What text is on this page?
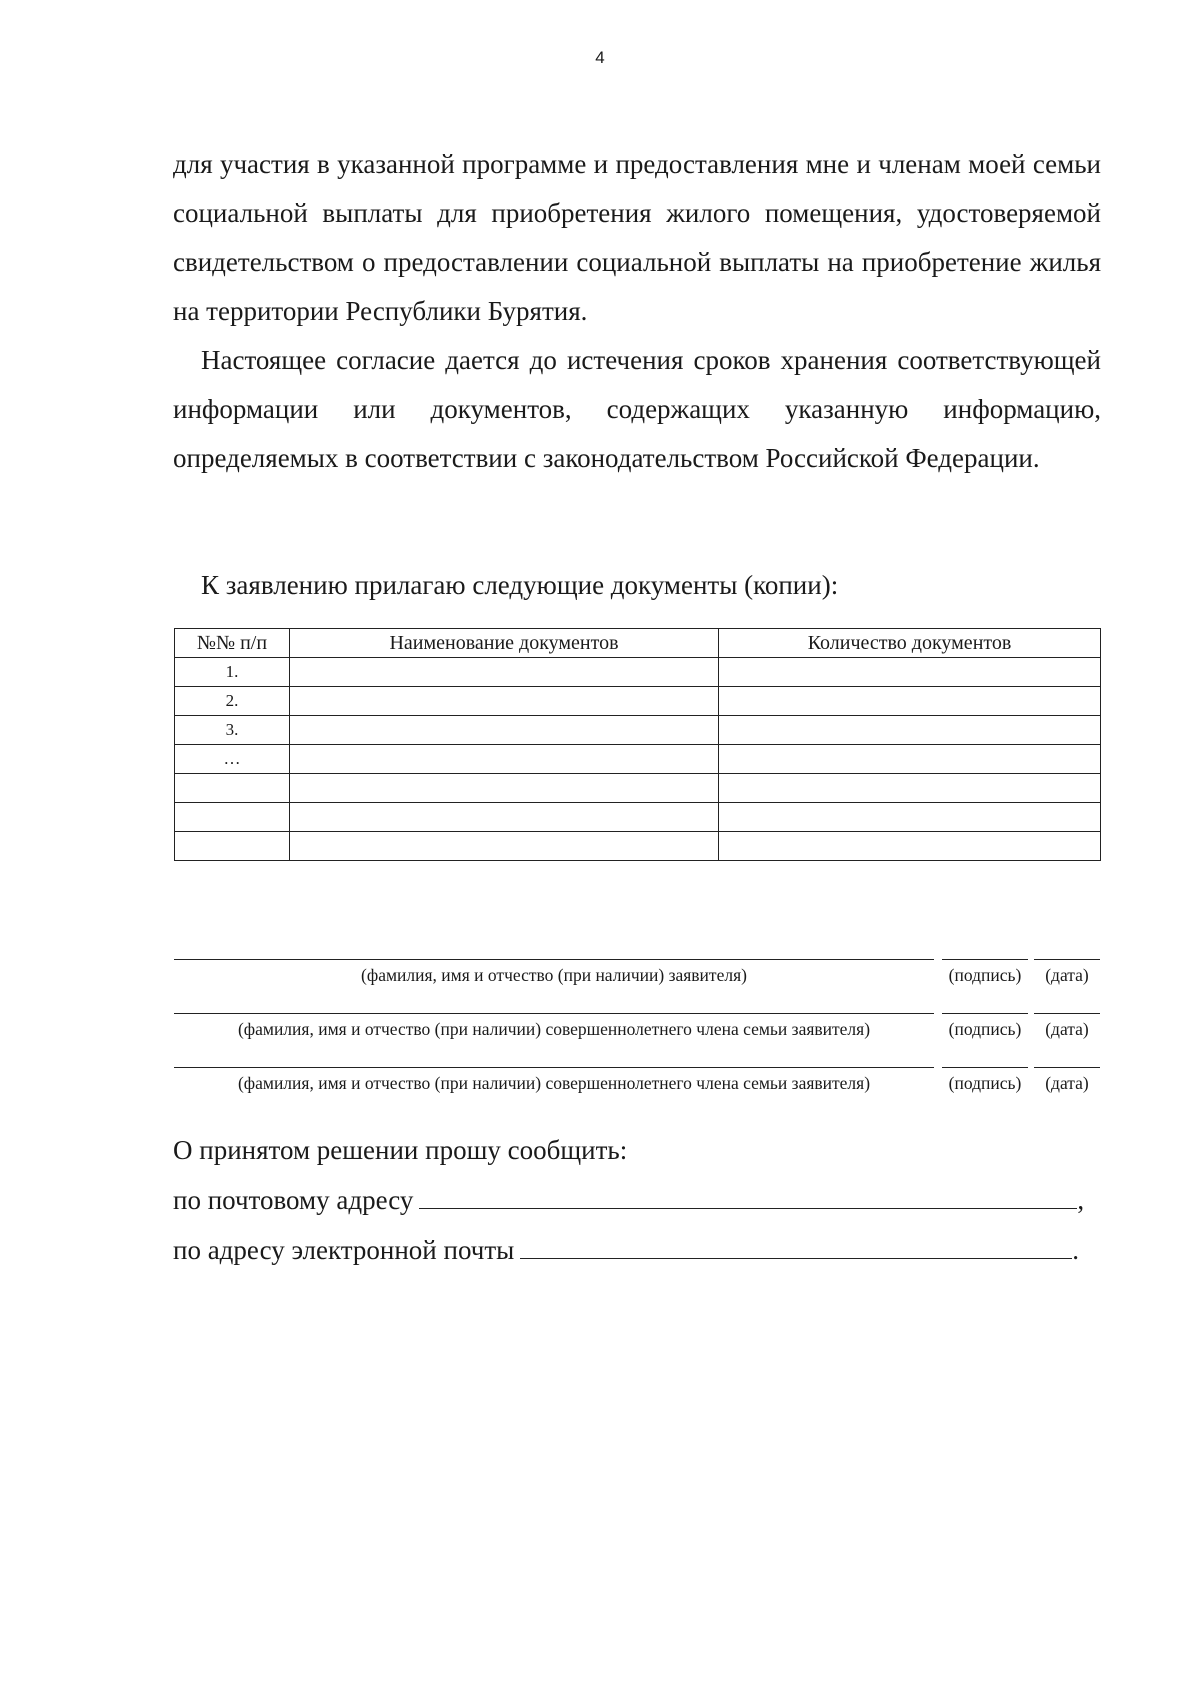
4

для участия в указанной программе и предоставления мне и членам моей семьи социальной выплаты для приобретения жилого помещения, удостоверяемой свидетельством о предоставлении социальной выплаты на приобретение жилья на территории Республики Бурятия.

Настоящее согласие дается до истечения сроков хранения соответствующей информации или документов, содержащих указанную информацию, определяемых в соответствии с законодательством Российской Федерации.

К заявлению прилагаю следующие документы (копии):
№№ п/п	Наименование документов	Количество документов
1.		
2.		
3.		
…		

(фамилия, имя и отчество (при наличии) заявителя)	(подпись)	(дата)
(фамилия, имя и отчество (при наличии) совершеннолетнего члена семьи заявителя)	(подпись)	(дата)
(фамилия, имя и отчество (при наличии) совершеннолетнего члена семьи заявителя)	(подпись)	(дата)
О принятом решении прошу сообщить:
по почтовому адресу	,
по адресу электронной почты	.
